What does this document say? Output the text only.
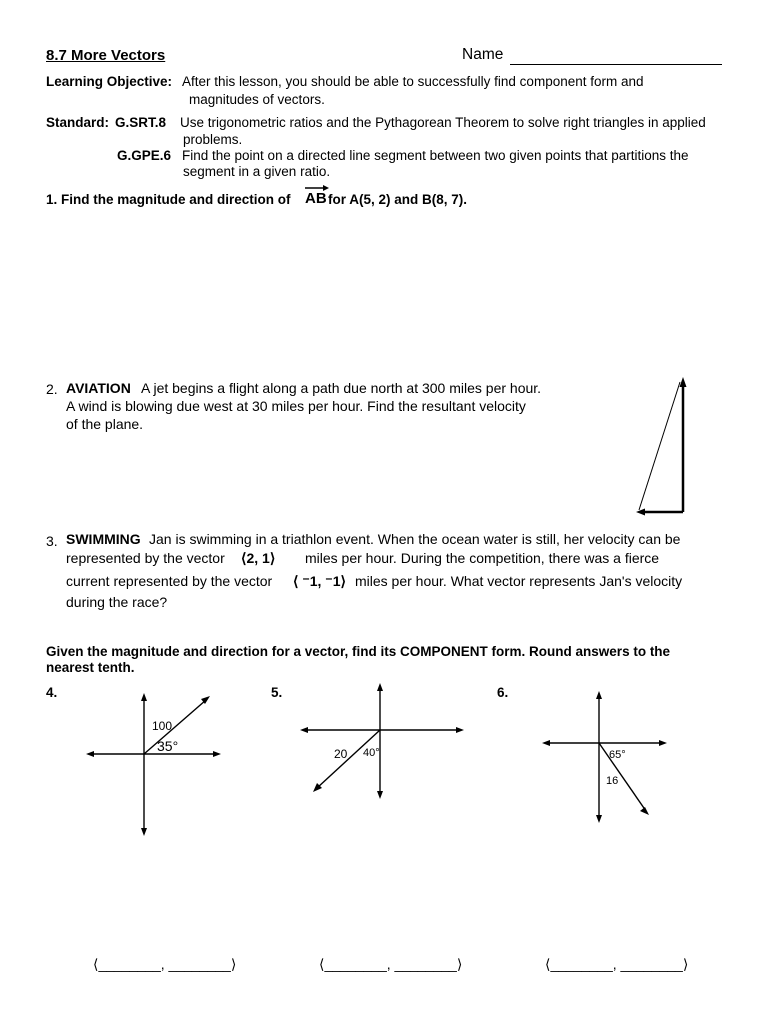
8.7 More Vectors	Name
Learning Objective: After this lesson, you should be able to successfully find component form and
magnitudes of vectors.
Standard: G.SRT.8 Use trigonometric ratios and the Pythagorean Theorem to solve right triangles in applied
problems.
G.GPE.6 Find the point on a directed line segment between two given points that partitions the
segment in a given ratio.
1. Find the magnitude and direction of AB for A(5, 2) and B(8, 7).
2. AVIATION A jet begins a flight along a path due north at 300 miles per hour.
A wind is blowing due west at 30 miles per hour. Find the resultant velocity
of the plane.
3. SWIMMING Jan is swimming in a triathlon event. When the ocean water is still, her velocity can be
represented by the vector ⟨2, 1⟩ miles per hour. During the competition, there was a fierce
current represented by the vector ⟨ ⁻1, ⁻1⟩ miles per hour. What vector represents Jan's velocity
during the race?
Given the magnitude and direction for a vector, find its COMPONENT form. Round answers to the
nearest tenth.
4.	5.	6.
100
35°	20 40°	65°
16
⟨________, ________⟩	⟨________, ________⟩	⟨________, ________⟩
